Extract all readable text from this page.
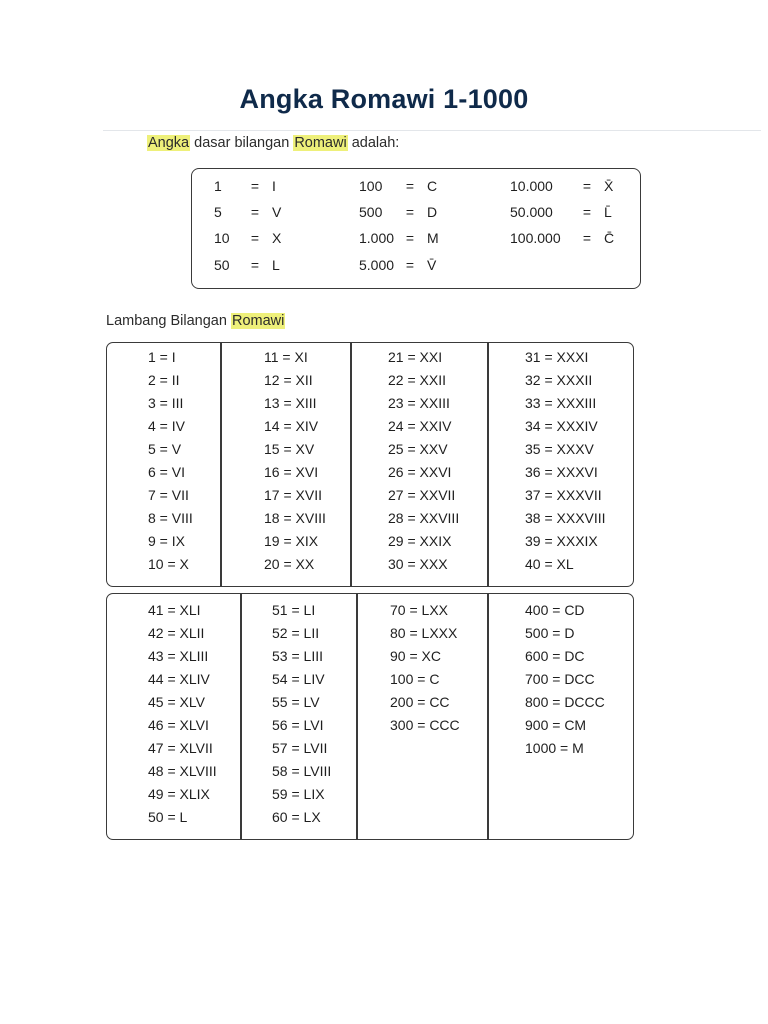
Angka Romawi 1-1000
Angka dasar bilangan Romawi adalah:
1 = I
5 = V
10 = X
50 = L
100 = C
500 = D
1.000 = M
5.000 = V̄
10.000 = X̄
50.000 = L̄
100.000 = C̄
Lambang Bilangan Romawi
1 = I
2 = II
3 = III
4 = IV
5 = V
6 = VI
7 = VII
8 = VIII
9 = IX
10 = X
11 = XI
12 = XII
13 = XIII
14 = XIV
15 = XV
16 = XVI
17 = XVII
18 = XVIII
19 = XIX
20 = XX
21 = XXI
22 = XXII
23 = XXIII
24 = XXIV
25 = XXV
26 = XXVI
27 = XXVII
28 = XXVIII
29 = XXIX
30 = XXX
31 = XXXI
32 = XXXII
33 = XXXIII
34 = XXXIV
35 = XXXV
36 = XXXVI
37 = XXXVII
38 = XXXVIII
39 = XXXIX
40 = XL
41 = XLI
42 = XLII
43 = XLIII
44 = XLIV
45 = XLV
46 = XLVI
47 = XLVII
48 = XLVIII
49 = XLIX
50 = L
51 = LI
52 = LII
53 = LIII
54 = LIV
55 = LV
56 = LVI
57 = LVII
58 = LVIII
59 = LIX
60 = LX
70 = LXX
80 = LXXX
90 = XC
100 = C
200 = CC
300 = CCC
400 = CD
500 = D
600 = DC
700 = DCC
800 = DCCC
900 = CM
1000 = M
